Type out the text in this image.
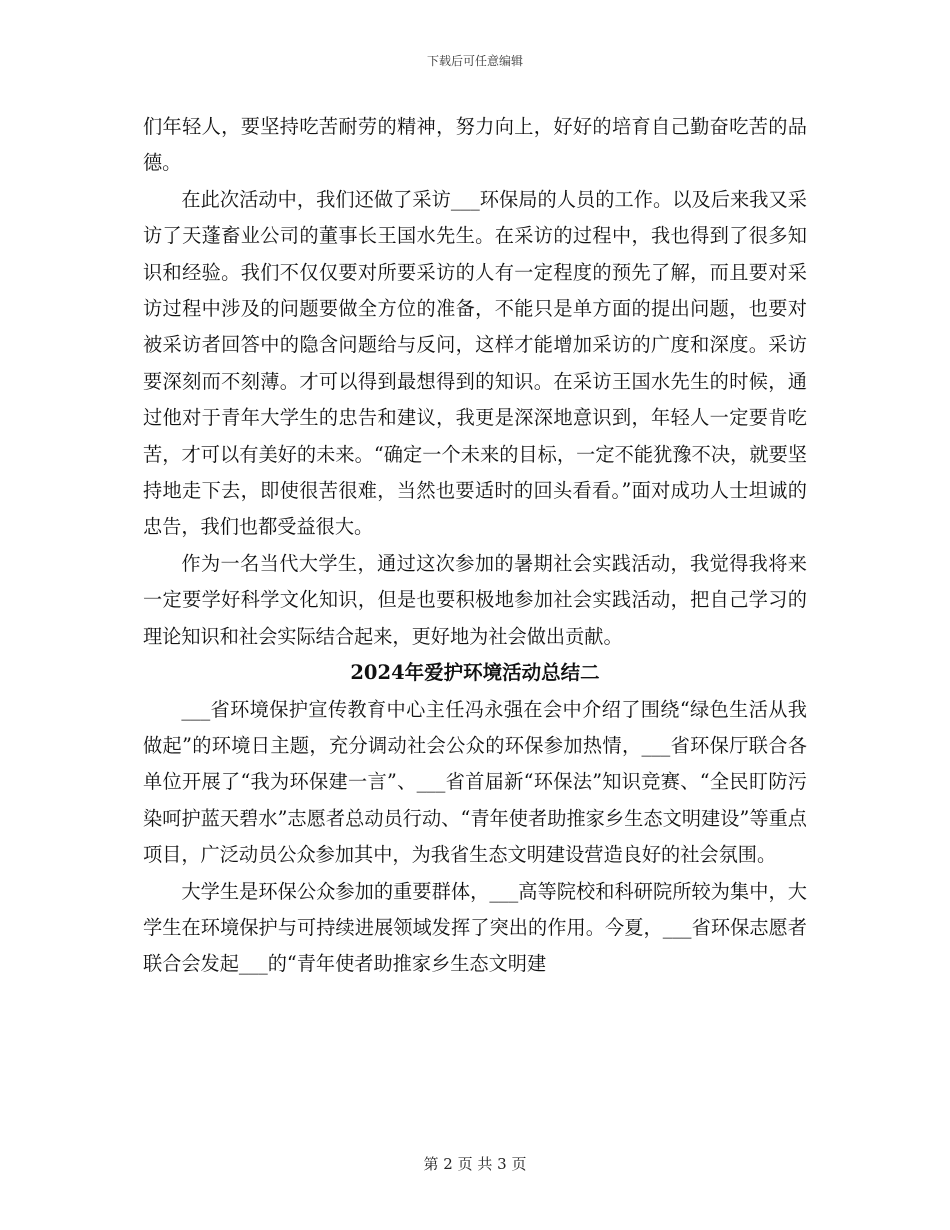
下载后可任意编辑

们年轻人，要坚持吃苦耐劳的精神，努力向上，好好的培育自己勤奋吃苦的品德。

在此次活动中，我们还做了采访___环保局的人员的工作。以及后来我又采访了天蓬畜业公司的董事长王国水先生。在采访的过程中，我也得到了很多知识和经验。我们不仅仅要对所要采访的人有一定程度的预先了解，而且要对采访过程中涉及的问题要做全方位的准备，不能只是单方面的提出问题，也要对被采访者回答中的隐含问题给与反问，这样才能增加采访的广度和深度。采访要深刻而不刻薄。才可以得到最想得到的知识。在采访王国水先生的时候，通过他对于青年大学生的忠告和建议，我更是深深地意识到，年轻人一定要肯吃苦，才可以有美好的未来。“确定一个未来的目标，一定不能犹豫不决，就要坚持地走下去，即使很苦很难，当然也要适时的回头看看。”面对成功人士坦诚的忠告，我们也都受益很大。

作为一名当代大学生，通过这次参加的暑期社会实践活动，我觉得我将来一定要学好科学文化知识，但是也要积极地参加社会实践活动，把自己学习的理论知识和社会实际结合起来，更好地为社会做出贡献。

2024年爱护环境活动总结二

___省环境保护宣传教育中心主任冯永强在会中介绍了围绕“绿色生活从我做起”的环境日主题，充分调动社会公众的环保参加热情，___省环保厅联合各单位开展了“我为环保建一言”、___省首届新“环保法”知识竞赛、“全民盯防污染呵护蓝天碧水”志愿者总动员行动、“青年使者助推家乡生态文明建设”等重点项目，广泛动员公众参加其中，为我省生态文明建设营造良好的社会氛围。

大学生是环保公众参加的重要群体，___高等院校和科研院所较为集中，大学生在环境保护与可持续进展领域发挥了突出的作用。今夏，___省环保志愿者联合会发起___的“青年使者助推家乡生态文明建

第 2 页 共 3 页
